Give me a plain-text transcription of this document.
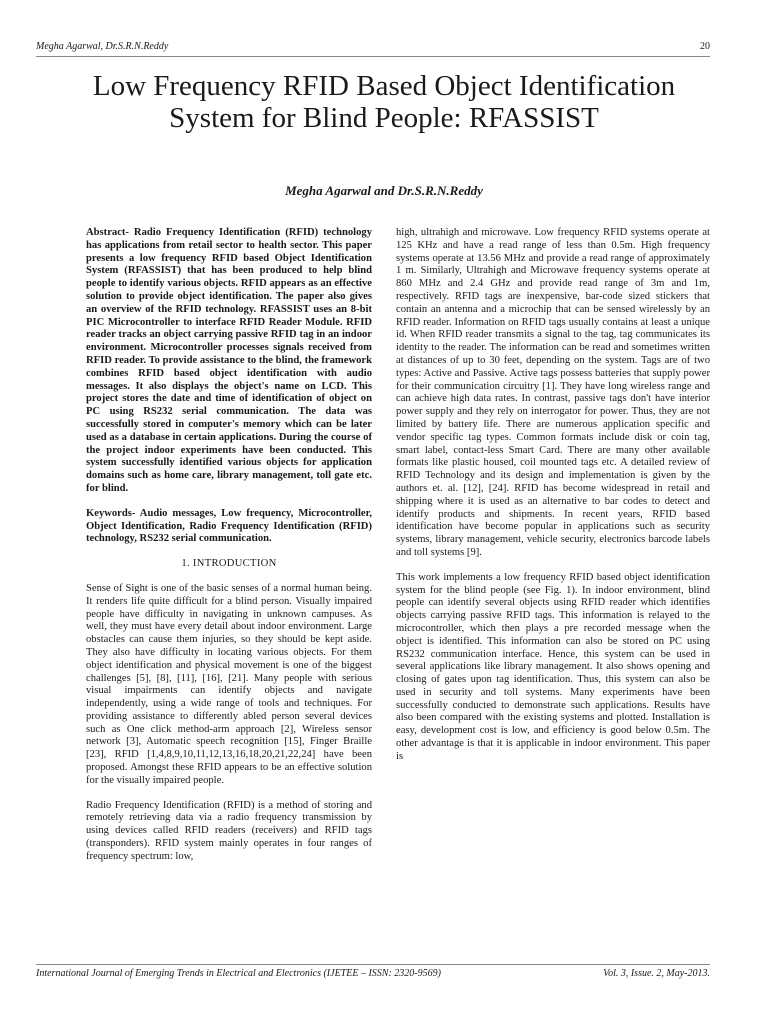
Megha Agarwal, Dr.S.R.N.Reddy	20
Low Frequency RFID Based Object Identification System for Blind People: RFASSIST
Megha Agarwal and Dr.S.R.N.Reddy

Abstract- Radio Frequency Identification (RFID) technology has applications from retail sector to health sector. This paper presents a low frequency RFID based Object Identification System (RFASSIST) that has been produced to help blind people to identify various objects. RFID appears as an effective solution to provide object identification. The paper also gives an overview of the RFID technology. RFASSIST uses an 8-bit PIC Microcontroller to interface RFID Reader Module. RFID reader tracks an object carrying passive RFID tag in an indoor environment. Microcontroller processes signals received from RFID reader. To provide assistance to the blind, the framework combines RFID based object identification with audio messages. It also displays the object's name on LCD. This project stores the date and time of identification of object on PC using RS232 serial communication. The data was successfully stored in computer's memory which can be later used as a database in certain applications. During the course of the project indoor experiments have been conducted. This system successfully identified various objects for application domains such as home care, library management, toll gate etc. for blind.

Keywords- Audio messages, Low frequency, Microcontroller, Object Identification, Radio Frequency Identification (RFID) technology, RS232 serial communication.

1. INTRODUCTION

Sense of Sight is one of the basic senses of a normal human being. It renders life quite difficult for a blind person. Visually impaired people have difficulty in navigating in unknown campuses. As well, they must have every detail about indoor environment. Large obstacles can cause them injuries, so they should be kept aside. They also have difficulty in locating various objects. For them object identification and physical movement is one of the biggest challenges [5], [8], [11], [16], [21]. Many people with serious visual impairments can identify objects and navigate independently, using a wide range of tools and techniques. For providing assistance to differently abled person several devices such as One click method-arm approach [2], Wireless sensor network [3], Automatic speech recognition [15], Finger Braille [23], RFID [1,4,8,9,10,11,12,13,16,18,20,21,22,24] have been proposed. Amongst these RFID appears to be an effective solution for the visually impaired people.

Radio Frequency Identification (RFID) is a method of storing and remotely retrieving data via a radio frequency transmission by using devices called RFID readers (receivers) and RFID tags (transponders). RFID system mainly operates in four ranges of frequency spectrum: low,

high, ultrahigh and microwave. Low frequency RFID systems operate at 125 KHz and have a read range of less than 0.5m. High frequency systems operate at 13.56 MHz and provide a read range of approximately 1 m. Similarly, Ultrahigh and Microwave frequency systems operate at 860 MHz and 2.4 GHz and provide read range of 3m and 1m, respectively. RFID tags are inexpensive, bar-code sized stickers that contain an antenna and a microchip that can be sensed wirelessly by an RFID reader. Information on RFID tags usually contains at least a unique id. When RFID reader transmits a signal to the tag, tag communicates its identity to the reader. The information can be read and sometimes written at distances of up to 30 feet, depending on the system. Tags are of two types: Active and Passive. Active tags possess batteries that supply power for their communication circuitry [1]. They have long wireless range and can achieve high data rates. In contrast, passive tags don't have interior power supply and they rely on interrogator for power. Thus, they are not limited by battery life. There are numerous application specific and vendor specific tag types. Common formats include disk or coin tag, smart label, contact-less Smart Card. There are many other available formats like plastic housed, coil mounted tags etc. A detailed review of RFID Technology and its design and implementation is given by the authors et. al. [12], [24]. RFID has become widespread in retail and shipping where it is used as an alternative to bar codes to detect and identify products and shipments. In recent years, RFID based identification have become popular in applications such as security systems, library management, vehicle security, electronics barcode labels and toll systems [9].

This work implements a low frequency RFID based object identification system for the blind people (see Fig. 1). In indoor environment, blind people can identify several objects using RFID reader which identifies objects carrying passive RFID tags. This information is relayed to the microcontroller, which then plays a pre recorded message when the object is identified. This information can also be stored on PC using RS232 communication interface. Hence, this system can be used in several applications like library management. It also shows opening and closing of gates upon tag identification. Thus, this system can also be used in security and toll systems. Many experiments have been successfully conducted to demonstrate such applications. Results have also been compared with the existing systems and plotted. Installation is easy, development cost is low, and efficiency is good below 0.5m. The other advantage is that it is applicable in indoor environment. This paper is

International Journal of Emerging Trends in Electrical and Electronics (IJETEE – ISSN: 2320-9569)	Vol. 3, Issue. 2, May-2013.
